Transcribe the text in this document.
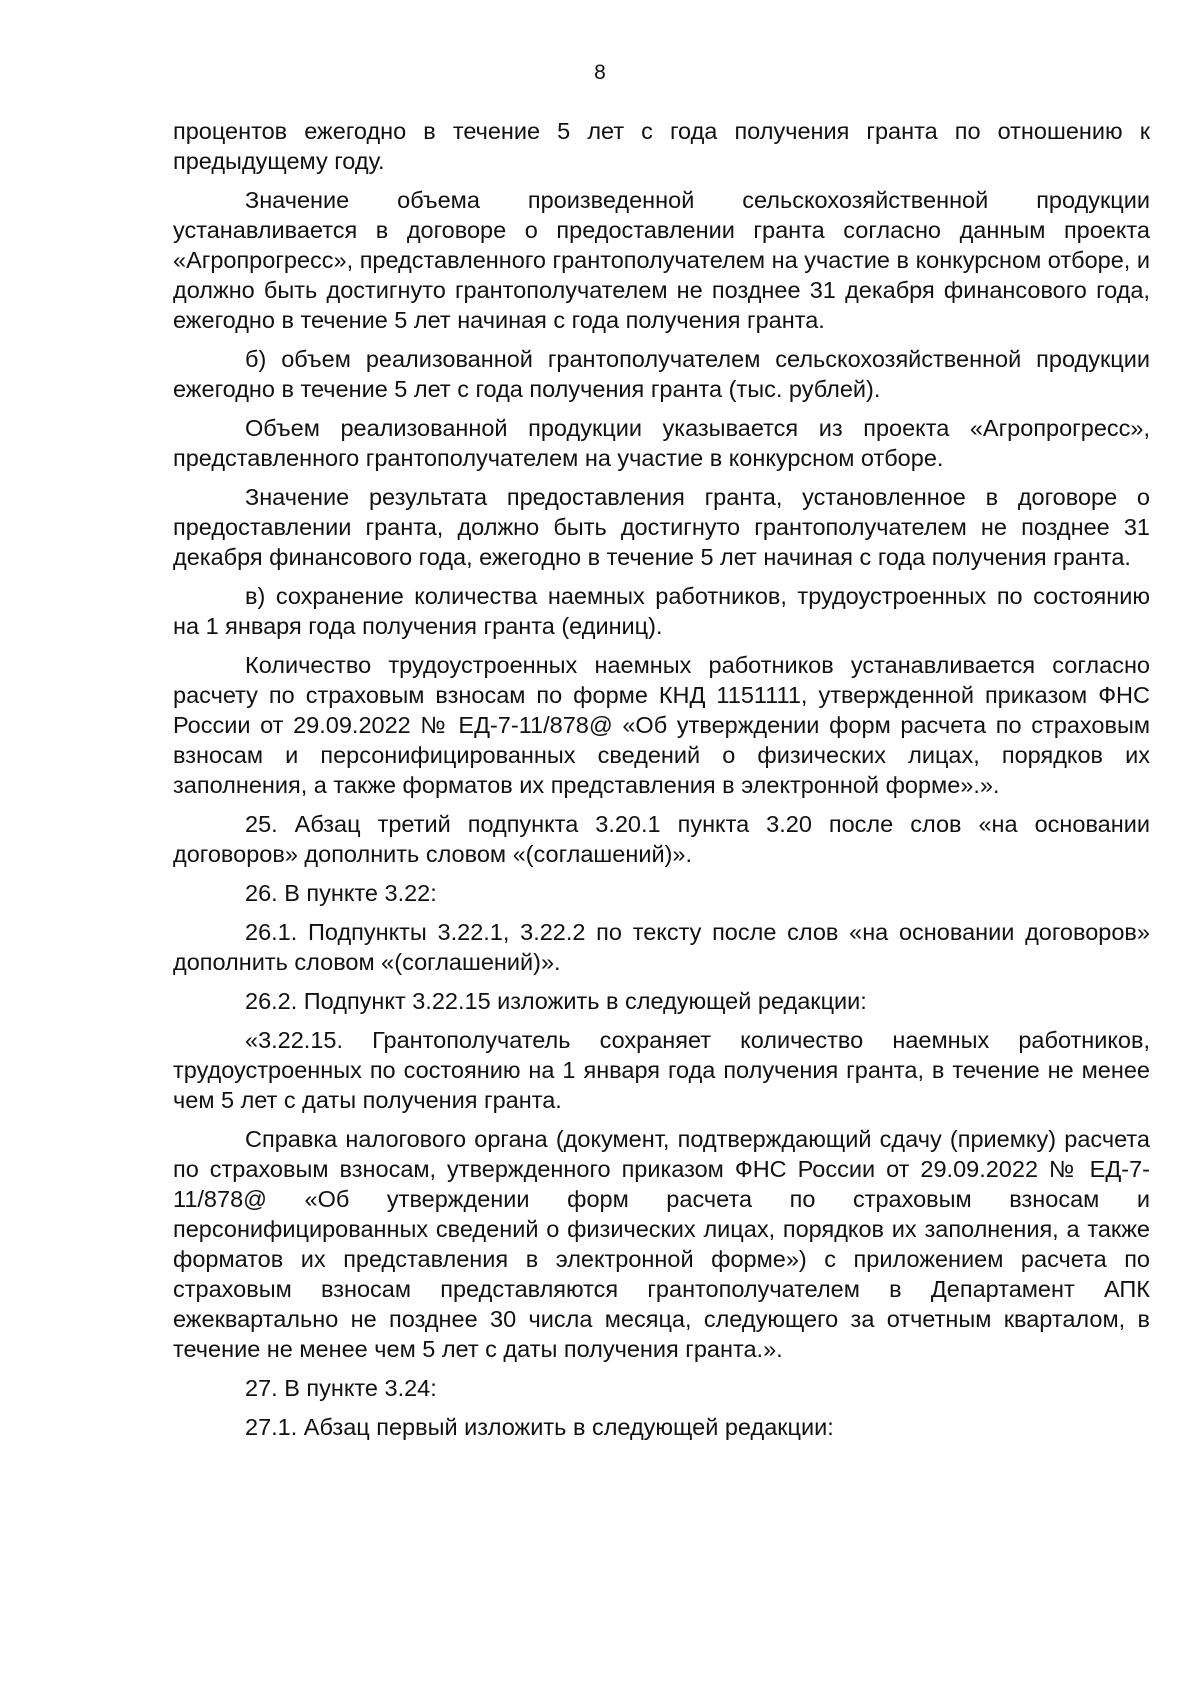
8

процентов ежегодно в течение 5 лет с года получения гранта по отношению к предыдущему году.

Значение объема произведенной сельскохозяйственной продукции устанавливается в договоре о предоставлении гранта согласно данным проекта «Агропрогресс», представленного грантополучателем на участие в конкурсном отборе, и должно быть достигнуто грантополучателем не позднее 31 декабря финансового года, ежегодно в течение 5 лет начиная с года получения гранта.

б) объем реализованной грантополучателем сельскохозяйственной продукции ежегодно в течение 5 лет с года получения гранта (тыс. рублей).

Объем реализованной продукции указывается из проекта «Агропрогресс», представленного грантополучателем на участие в конкурсном отборе.

Значение результата предоставления гранта, установленное в договоре о предоставлении гранта, должно быть достигнуто грантополучателем не позднее 31 декабря финансового года, ежегодно в течение 5 лет начиная с года получения гранта.

в) сохранение количества наемных работников, трудоустроенных по состоянию на 1 января года получения гранта (единиц).

Количество трудоустроенных наемных работников устанавливается согласно расчету по страховым взносам по форме КНД 1151111, утвержденной приказом ФНС России от 29.09.2022 № ЕД-7-11/878@ «Об утверждении форм расчета по страховым взносам и персонифицированных сведений о физических лицах, порядков их заполнения, а также форматов их представления в электронной форме».».

25. Абзац третий подпункта 3.20.1 пункта 3.20 после слов «на основании договоров» дополнить словом «(соглашений)».

26. В пункте 3.22:

26.1. Подпункты 3.22.1, 3.22.2 по тексту после слов «на основании договоров» дополнить словом «(соглашений)».

26.2. Подпункт 3.22.15 изложить в следующей редакции:

«3.22.15. Грантополучатель сохраняет количество наемных работников, трудоустроенных по состоянию на 1 января года получения гранта, в течение не менее чем 5 лет с даты получения гранта.

Справка налогового органа (документ, подтверждающий сдачу (приемку) расчета по страховым взносам, утвержденного приказом ФНС России от 29.09.2022 № ЕД-7-11/878@ «Об утверждении форм расчета по страховым взносам и персонифицированных сведений о физических лицах, порядков их заполнения, а также форматов их представления в электронной форме») с приложением расчета по страховым взносам представляются грантополучателем в Департамент АПК ежеквартально не позднее 30 числа месяца, следующего за отчетным кварталом, в течение не менее чем 5 лет с даты получения гранта.».

27. В пункте 3.24:

27.1. Абзац первый изложить в следующей редакции:
